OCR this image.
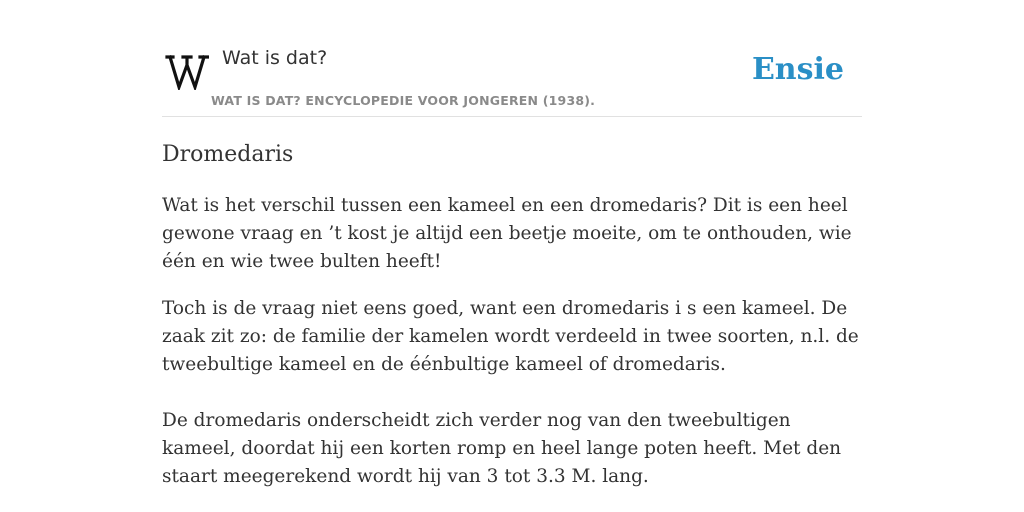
Wat is dat?
WAT IS DAT? ENCYCLOPEDIE VOOR JONGEREN (1938).
Ensie
Dromedaris

Wat is het verschil tussen een kameel en een dromedaris? Dit is een heel gewone vraag en ’t kost je altijd een beetje moeite, om te onthouden, wie één en wie twee bulten heeft!

Toch is de vraag niet eens goed, want een dromedaris i s een kameel. De zaak zit zo: de familie der kamelen wordt verdeeld in twee soorten, n.l. de tweebultige kameel en de éénbultige kameel of dromedaris.

De dromedaris onderscheidt zich verder nog van den tweebultigen kameel, doordat hij een korten romp en heel lange poten heeft. Met den staart meegerekend wordt hij van 3 tot 3.3 M. lang.
